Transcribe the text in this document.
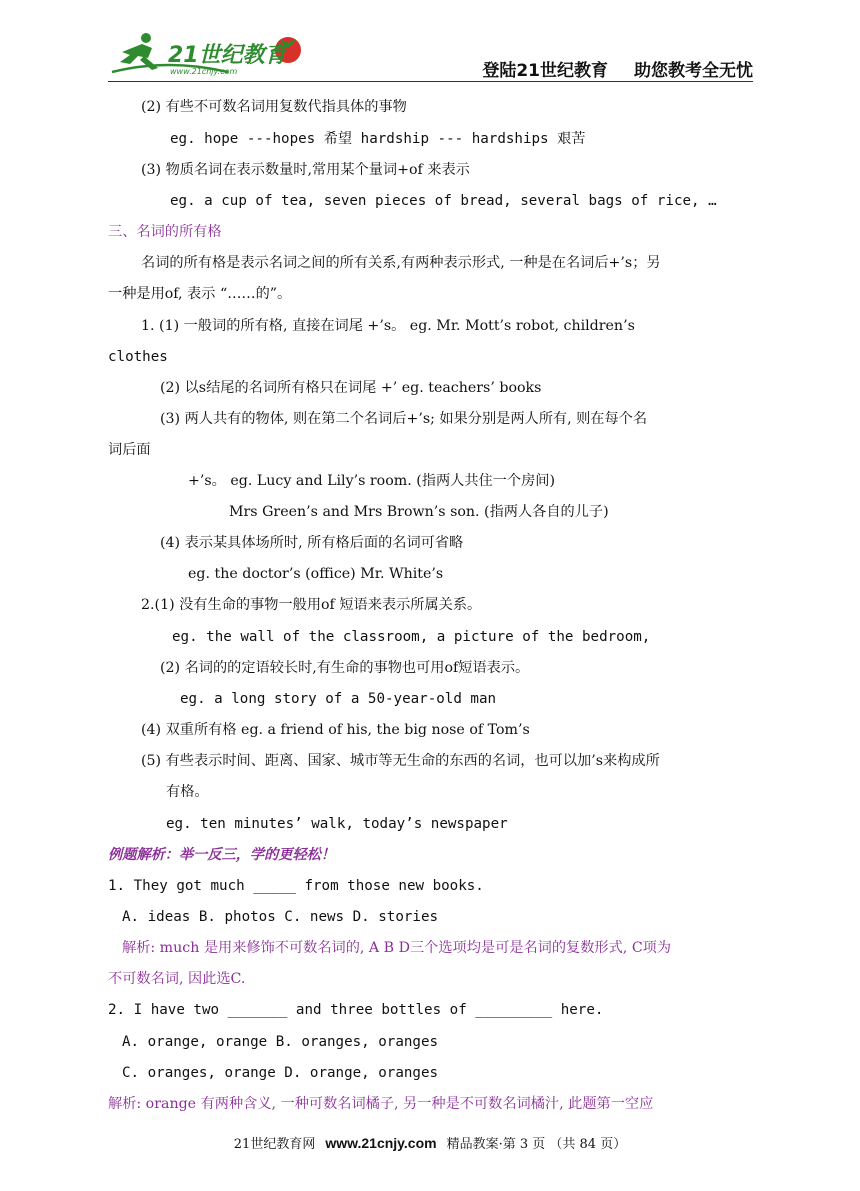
21世纪教育
www.21cnjy.com	登陆21世纪教育 助您教考全无忧
(2) 有些不可数名词用复数代指具体的事物
eg. hope ---hopes 希望 hardship --- hardships 艰苦
(3) 物质名词在表示数量时,常用某个量词+of 来表示
eg. a cup of tea, seven pieces of bread, several bags of rice, …
三、名词的所有格
名词的所有格是表示名词之间的所有关系,有两种表示形式, 一种是在名词后+’s；另
一种是用of, 表示 “……的”。
1. (1) 一般词的所有格, 直接在词尾 +’s。 eg. Mr. Mott’s robot, children’s
clothes
(2) 以s结尾的名词所有格只在词尾 +’ eg. teachers’ books
(3) 两人共有的物体, 则在第二个名词后+’s; 如果分别是两人所有, 则在每个名
词后面
+’s。 eg. Lucy and Lily’s room. (指两人共住一个房间)
Mrs Green’s and Mrs Brown’s son. (指两人各自的儿子)
(4) 表示某具体场所时, 所有格后面的名词可省略
eg. the doctor’s (office) Mr. White’s
2.(1) 没有生命的事物一般用of 短语来表示所属关系。
eg. the wall of the classroom, a picture of the bedroom,
(2) 名词的的定语较长时,有生命的事物也可用of短语表示。
eg. a long story of a 50-year-old man
(4) 双重所有格 eg. a friend of his, the big nose of Tom’s
(5) 有些表示时间、距离、国家、城市等无生命的东西的名词，也可以加’s来构成所
有格。
eg. ten minutes’ walk, today’s newspaper
例题解析：举一反三，学的更轻松！
1. They got much _____ from those new books.
A. ideas B. photos C. news D. stories
解析: much 是用来修饰不可数名词的, A B D三个选项均是可是名词的复数形式, C项为
不可数名词, 因此选C.
2. I have two _______ and three bottles of _________ here.
A. orange, orange B. oranges, oranges
C. oranges, orange D. orange, oranges
解析: orange 有两种含义, 一种可数名词橘子, 另一种是不可数名词橘汁, 此题第一空应
21世纪教育网 www.21cnjy.com 精品教案·第 3 页 （共 84 页）
